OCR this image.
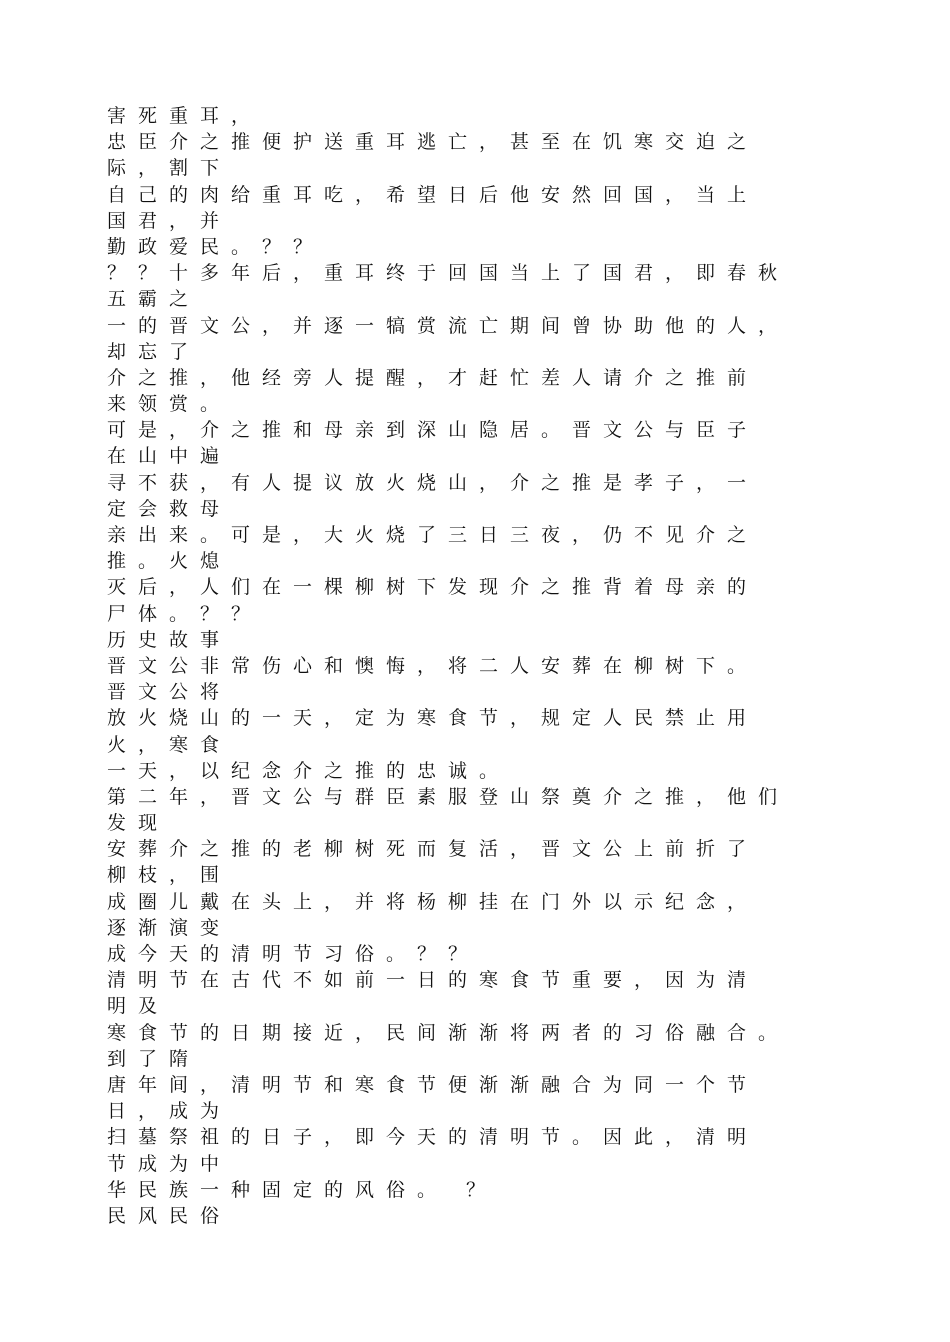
害死重耳，
忠臣介之推便护送重耳逃亡，甚至在饥寒交迫之
际，割下
自己的肉给重耳吃，希望日后他安然回国，当上
国君，并
勤政爱民。？？
？？十多年后，重耳终于回国当上了国君，即春秋
五霸之
一的晋文公，并逐一犒赏流亡期间曾协助他的人，
却忘了
介之推，他经旁人提醒，才赶忙差人请介之推前
来领赏。
可是，介之推和母亲到深山隐居。晋文公与臣子
在山中遍
寻不获，有人提议放火烧山，介之推是孝子，一
定会救母
亲出来。可是，大火烧了三日三夜，仍不见介之
推。火熄
灭后，人们在一棵柳树下发现介之推背着母亲的
尸体。？？
历史故事
晋文公非常伤心和懊悔，将二人安葬在柳树下。
晋文公将
放火烧山的一天，定为寒食节，规定人民禁止用
火，寒食
一天，以纪念介之推的忠诚。
第二年，晋文公与群臣素服登山祭奠介之推，他们
发现
安葬介之推的老柳树死而复活，晋文公上前折了
柳枝，围
成圈儿戴在头上，并将杨柳挂在门外以示纪念，
逐渐演变
成今天的清明节习俗。？？
清明节在古代不如前一日的寒食节重要，因为清
明及
寒食节的日期接近，民间渐渐将两者的习俗融合。
到了隋
唐年间，清明节和寒食节便渐渐融合为同一个节
日，成为
扫墓祭祖的日子，即今天的清明节。因此，清明
节成为中
华民族一种固定的风俗。 ？
民风民俗
